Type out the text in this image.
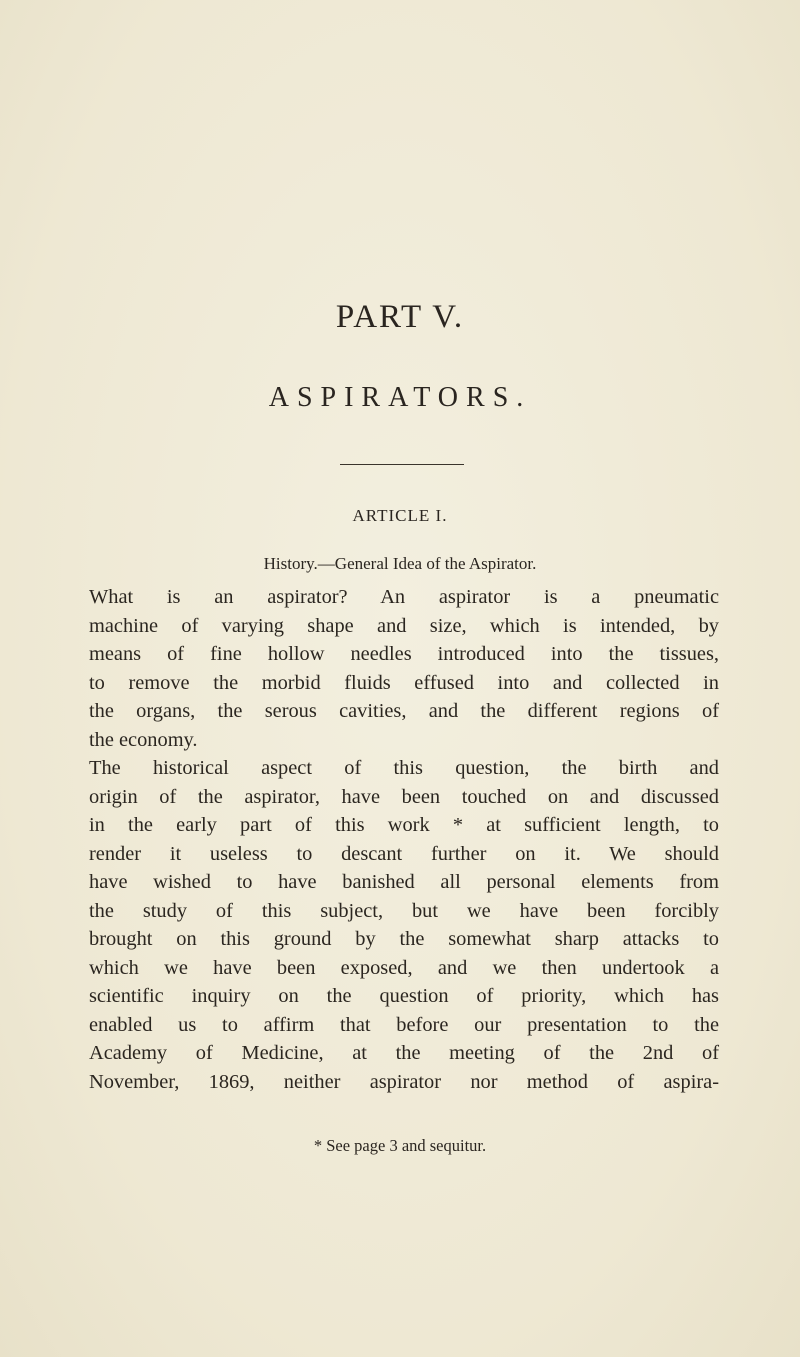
PART V.
ASPIRATORS.
ARTICLE I.
History.—General Idea of the Aspirator.
What is an aspirator? An aspirator is a pneumatic
machine of varying shape and size, which is intended, by
means of fine hollow needles introduced into the tissues,
to remove the morbid fluids effused into and collected in
the organs, the serous cavities, and the different regions of
the economy.
The historical aspect of this question, the birth and
origin of the aspirator, have been touched on and discussed
in the early part of this work * at sufficient length, to
render it useless to descant further on it. We should
have wished to have banished all personal elements from
the study of this subject, but we have been forcibly
brought on this ground by the somewhat sharp attacks to
which we have been exposed, and we then undertook a
scientific inquiry on the question of priority, which has
enabled us to affirm that before our presentation to the
Academy of Medicine, at the meeting of the 2nd of
November, 1869, neither aspirator nor method of aspira-
* See page 3 and sequitur.
